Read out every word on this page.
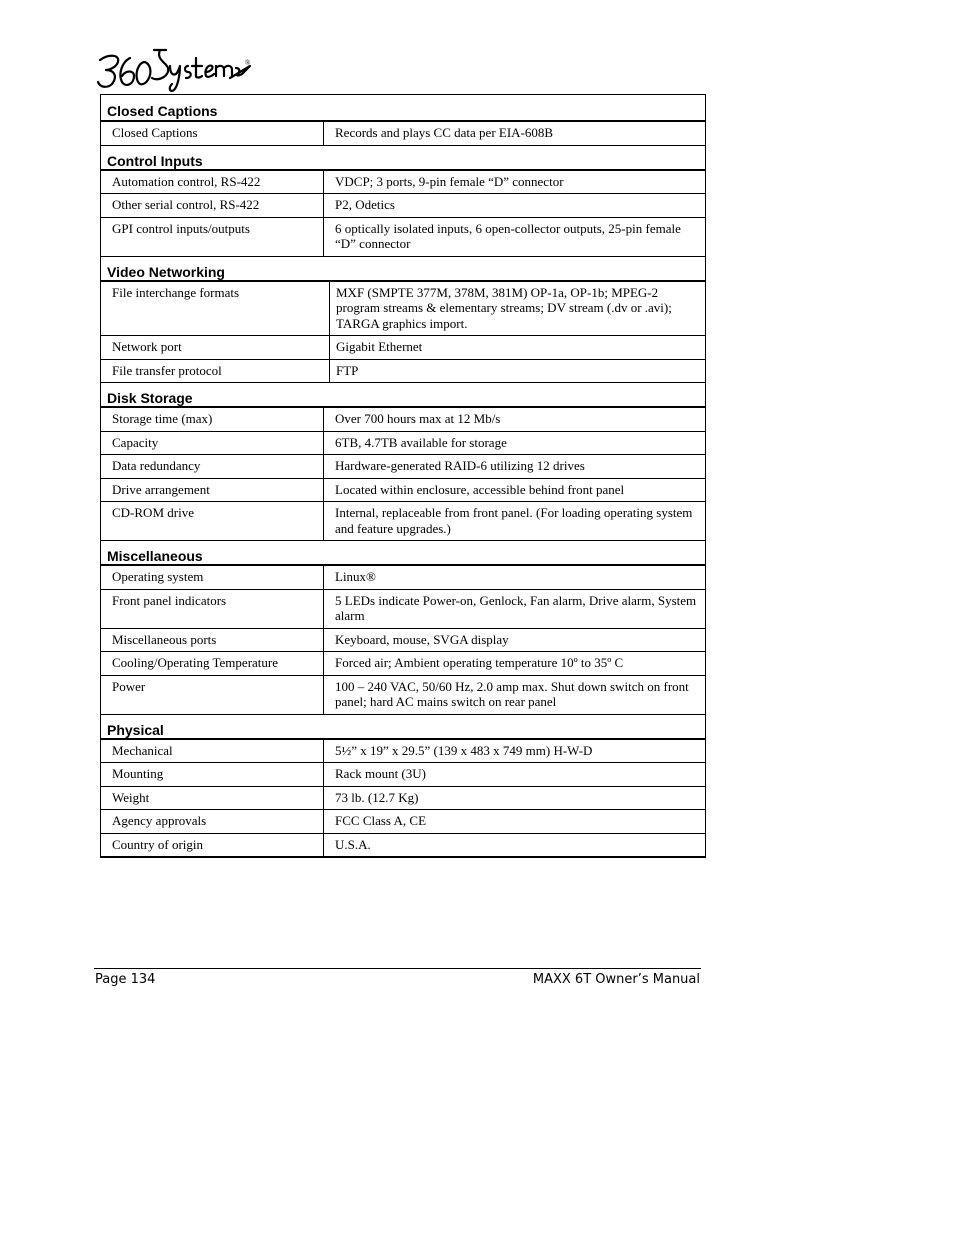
®
Closed Captions
Closed Captions	Records and plays CC data per EIA-608B
Control Inputs
Automation control, RS-422	VDCP; 3 ports, 9-pin female “D” connector
Other serial control, RS-422	P2, Odetics
GPI control inputs/outputs	6 optically isolated inputs, 6 open-collector outputs, 25-pin female “D” connector
Video Networking
File interchange formats	MXF (SMPTE 377M, 378M, 381M) OP-1a, OP-1b; MPEG-2 program streams & elementary streams; DV stream (.dv or .avi); TARGA graphics import.
Network port	Gigabit Ethernet
File transfer protocol	FTP
Disk Storage
Storage time (max)	Over 700 hours max at 12 Mb/s
Capacity	6TB, 4.7TB available for storage
Data redundancy	Hardware-generated RAID-6 utilizing 12 drives
Drive arrangement	Located within enclosure, accessible behind front panel
CD-ROM drive	Internal, replaceable from front panel. (For loading operating system and feature upgrades.)
Miscellaneous
Operating system	Linux®
Front panel indicators	5 LEDs indicate Power-on, Genlock, Fan alarm, Drive alarm, System alarm
Miscellaneous ports	Keyboard, mouse, SVGA display
Cooling/Operating Temperature	Forced air; Ambient operating temperature 10º to 35º C
Power	100 – 240 VAC, 50/60 Hz, 2.0 amp max. Shut down switch on front panel; hard AC mains switch on rear panel
Physical
Mechanical	5½” x 19” x 29.5” (139 x 483 x 749 mm) H-W-D
Mounting	Rack mount (3U)
Weight	73 lb. (12.7 Kg)
Agency approvals	FCC Class A, CE
Country of origin	U.S.A.
Page 134	MAXX 6T Owner’s Manual
